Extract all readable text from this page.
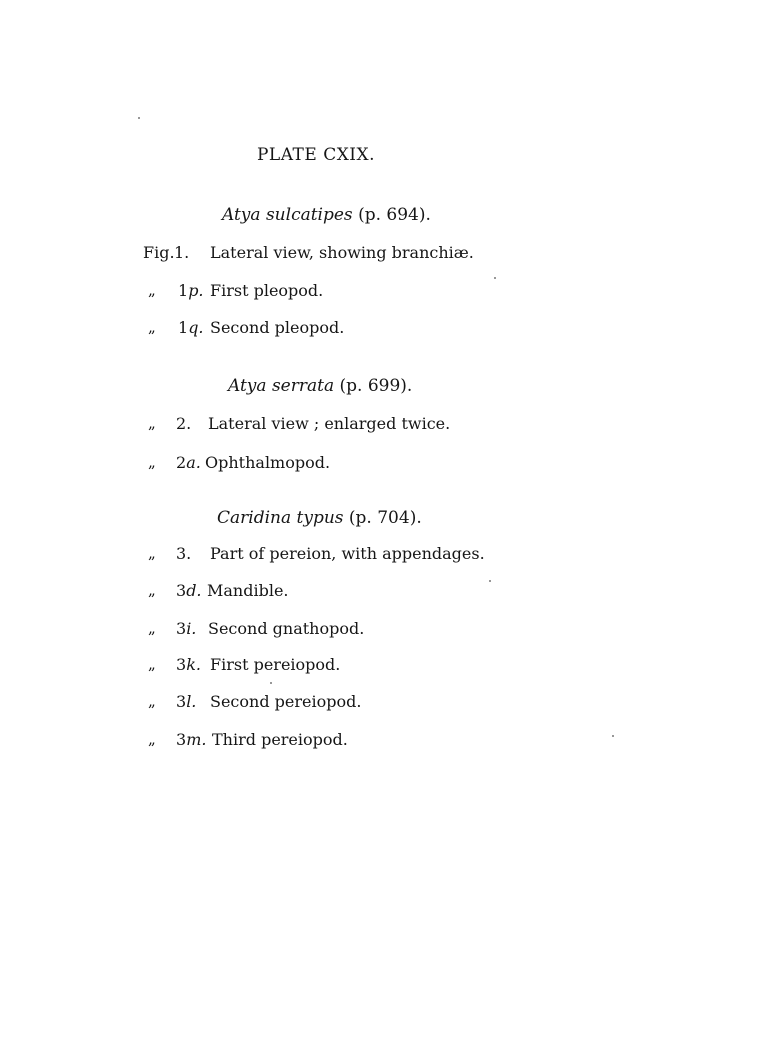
PLATE CXIX.
Atya sulcatipes (p. 694).
Fig. 1. Lateral view, showing branchiæ.
„ 1p. First pleopod.
„ 1q. Second pleopod.
Atya serrata (p. 699).
„ 2. Lateral view ; enlarged twice.
„ 2a. Ophthalmopod.
Caridina typus (p. 704).
„ 3. Part of pereion, with appendages.
„ 3d. Mandible.
„ 3i. Second gnathopod.
„ 3k. First pereiopod.
„ 3l. Second pereiopod.
„ 3m. Third pereiopod.
